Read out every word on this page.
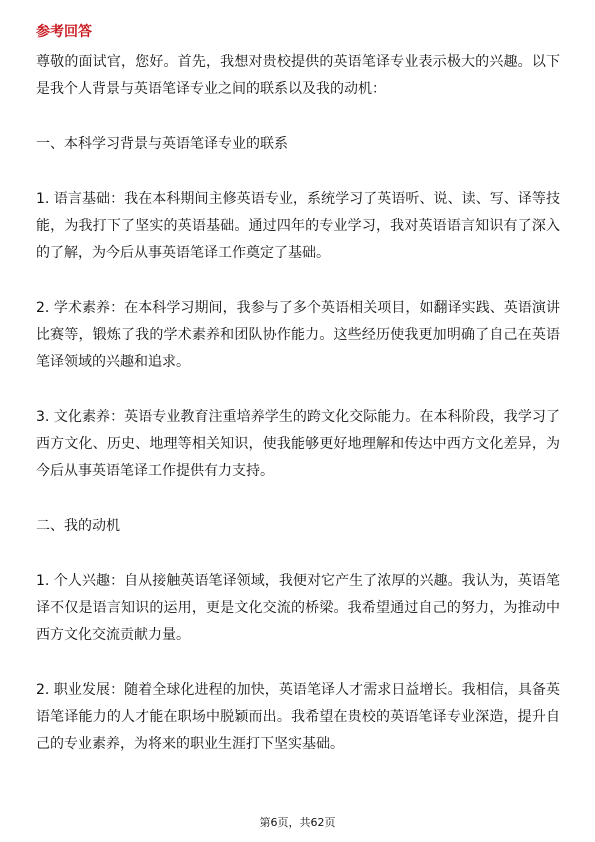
参考回答

尊敬的面试官，您好。首先，我想对贵校提供的英语笔译专业表示极大的兴趣。以下是我个人背景与英语笔译专业之间的联系以及我的动机：

一、本科学习背景与英语笔译专业的联系

1. 语言基础：我在本科期间主修英语专业，系统学习了英语听、说、读、写、译等技能，为我打下了坚实的英语基础。通过四年的专业学习，我对英语语言知识有了深入的了解，为今后从事英语笔译工作奠定了基础。

2. 学术素养：在本科学习期间，我参与了多个英语相关项目，如翻译实践、英语演讲比赛等，锻炼了我的学术素养和团队协作能力。这些经历使我更加明确了自己在英语笔译领域的兴趣和追求。

3. 文化素养：英语专业教育注重培养学生的跨文化交际能力。在本科阶段，我学习了西方文化、历史、地理等相关知识，使我能够更好地理解和传达中西方文化差异，为今后从事英语笔译工作提供有力支持。

二、我的动机

1. 个人兴趣：自从接触英语笔译领域，我便对它产生了浓厚的兴趣。我认为，英语笔译不仅是语言知识的运用，更是文化交流的桥梁。我希望通过自己的努力，为推动中西方文化交流贡献力量。

2. 职业发展：随着全球化进程的加快，英语笔译人才需求日益增长。我相信，具备英语笔译能力的人才能在职场中脱颖而出。我希望在贵校的英语笔译专业深造，提升自己的专业素养，为将来的职业生涯打下坚实基础。

第6页，共62页
